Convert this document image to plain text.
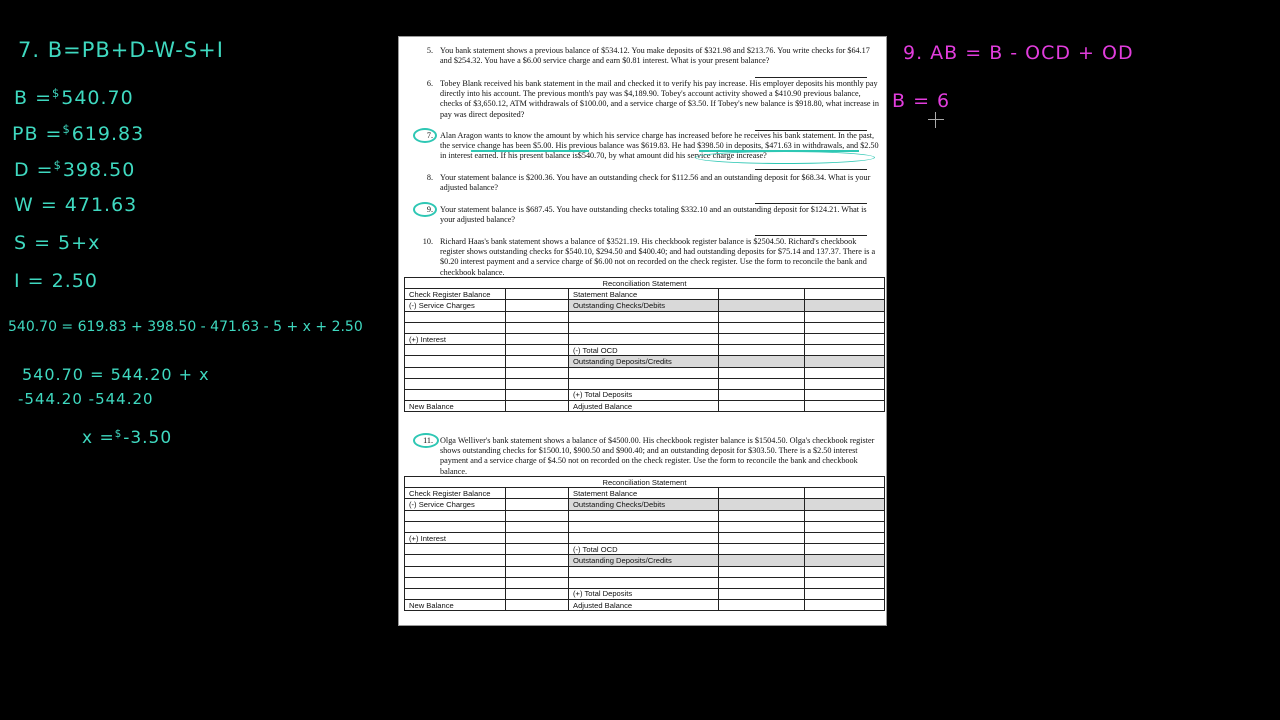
7. B=PB+D-W-S+I
B =$540.70
PB =$619.83
D =$398.50
W = 471.63
S = 5+x
I = 2.50
540.70 = 619.83 + 398.50 - 471.63 - 5 + x + 2.50
540.70 = 544.20 + x
-544.20 -544.20
x =$-3.50
9. AB = B - OCD + OD
B = 6
5. You bank statement shows a previous balance of $534.12. You make deposits of $321.98 and $213.76. You write checks for $64.17 and $254.32. You have a $6.00 service charge and earn $0.81 interest. What is your present balance?
6. Tobey Blank received his bank statement in the mail and checked it to verify his pay increase. His employer deposits his monthly pay directly into his account. The previous month's pay was $4,189.90. Tobey's account activity showed a $410.90 previous balance, checks of $3,650.12, ATM withdrawals of $100.00, and a service charge of $3.50. If Tobey's new balance is $918.80, what increase in pay was direct deposited?
7. Alan Aragon wants to know the amount by which his service charge has increased before he receives his bank statement. In the past, the service change has been $5.00. His previous balance was $619.83. He had $398.50 in deposits, $471.63 in withdrawals, and $2.50 in interest earned. If his present balance is$540.70, by what amount did his service charge increase?
8. Your statement balance is $200.36. You have an outstanding check for $112.56 and an outstanding deposit for $68.34. What is your adjusted balance?
9. Your statement balance is $687.45. You have outstanding checks totaling $332.10 and an outstanding deposit for $124.21. What is your adjusted balance?
10. Richard Haas's bank statement shows a balance of $3521.19. His checkbook register balance is $2504.50. Richard's checkbook register shows outstanding checks for $540.10, $294.50 and $400.40; and had outstanding deposits for $75.14 and 137.37. There is a $0.20 interest payment and a service charge of $6.00 not on recorded on the check register. Use the form to reconcile the bank and checkbook balance.
Reconciliation Statement				
Check Register Balance		Statement Balance		
(-) Service Charges		Outstanding Checks/Debits		

(+) Interest				
		(-) Total OCD		
		Outstanding Deposits/Credits		

		(+) Total Deposits		
New Balance		Adjusted Balance		
11. Olga Welliver's bank statement shows a balance of $4500.00. His checkbook register balance is $1504.50. Olga's checkbook register shows outstanding checks for $1500.10, $900.50 and $900.40; and an outstanding deposit for $303.50. There is a $2.50 interest payment and a service charge of $4.50 not on recorded on the check register. Use the form to reconcile the bank and checkbook balance.
Reconciliation Statement				
Check Register Balance		Statement Balance		
(-) Service Charges		Outstanding Checks/Debits		

(+) Interest				
		(-) Total OCD		
		Outstanding Deposits/Credits		

		(+) Total Deposits		
New Balance		Adjusted Balance		
